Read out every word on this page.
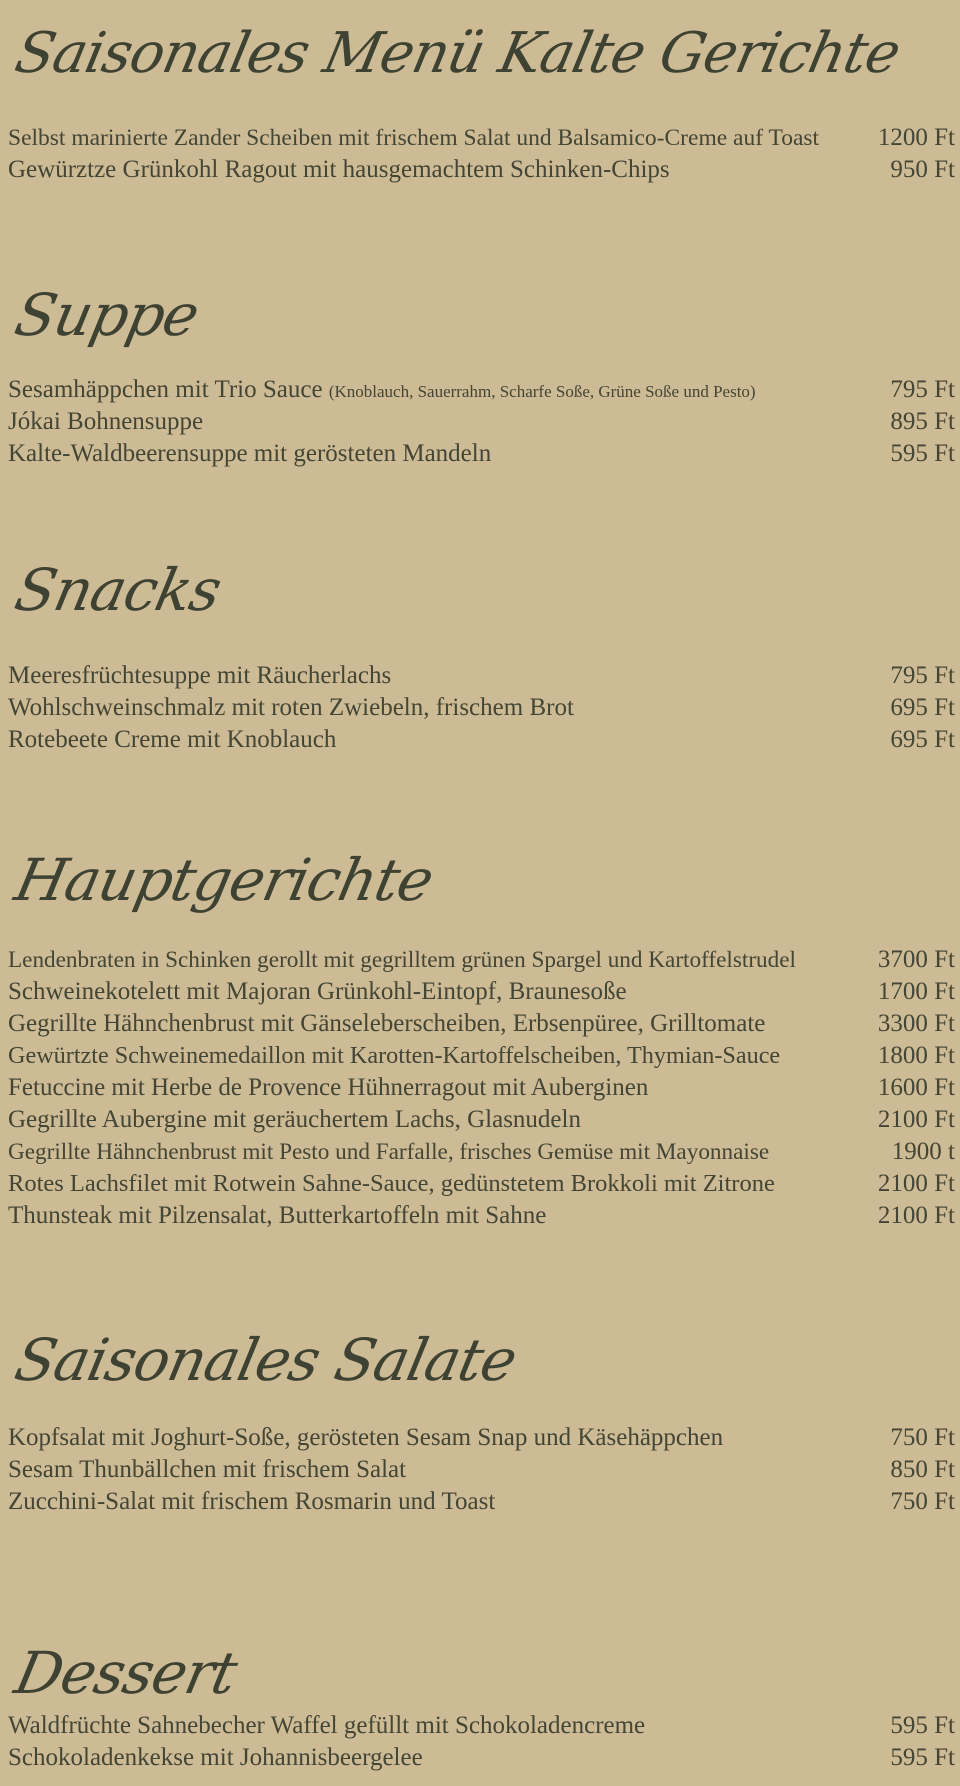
Saisonales Menü Kalte Gerichte
Selbst marinierte Zander Scheiben mit frischem Salat und Balsamico-Creme auf Toast 1200 Ft
Gewürztze Grünkohl Ragout mit hausgemachtem Schinken-Chips	950 Ft
Suppe
Sesamhäppchen mit Trio Sauce (Knoblauch, Sauerrahm, Scharfe Soße, Grüne Soße und Pesto)	795 Ft
Jókai Bohnensuppe	895 Ft
Kalte-Waldbeerensuppe mit gerösteten Mandeln	595 Ft
Snacks
Meeresfrüchtesuppe mit Räucherlachs	795 Ft
Wohlschweinschmalz mit roten Zwiebeln, frischem Brot	695 Ft
Rotebeete Creme mit Knoblauch	695 Ft
Hauptgerichte
Lendenbraten in Schinken gerollt mit gegrilltem grünen Spargel und Kartoffelstrudel	3700 Ft
Schweinekotelett mit Majoran Grünkohl-Eintopf, Braunesoße	1700 Ft
Gegrillte Hähnchenbrust mit Gänseleberscheiben, Erbsenpüree, Grilltomate	3300 Ft
Gewürtzte Schweinemedaillon mit Karotten-Kartoffelscheiben, Thymian-Sauce	1800 Ft
Fetuccine mit Herbe de Provence Hühnerragout mit Auberginen	1600 Ft
Gegrillte Aubergine mit geräuchertem Lachs, Glasnudeln	2100 Ft
Gegrillte Hähnchenbrust mit Pesto und Farfalle, frisches Gemüse mit Mayonnaise	1900 t
Rotes Lachsfilet mit Rotwein Sahne-Sauce, gedünstetem Brokkoli mit Zitrone	2100 Ft
Thunsteak mit Pilzensalat, Butterkartoffeln mit Sahne	2100 Ft
Saisonales Salate
Kopfsalat mit Joghurt-Soße, gerösteten Sesam Snap und Käsehäppchen	750 Ft
Sesam Thunbällchen mit frischem Salat	850 Ft
Zucchini-Salat mit frischem Rosmarin und Toast	750 Ft
Dessert
Waldfrüchte Sahnebecher Waffel gefüllt mit Schokoladencreme	595 Ft
Schokoladenkekse mit Johannisbeergelee	595 Ft
